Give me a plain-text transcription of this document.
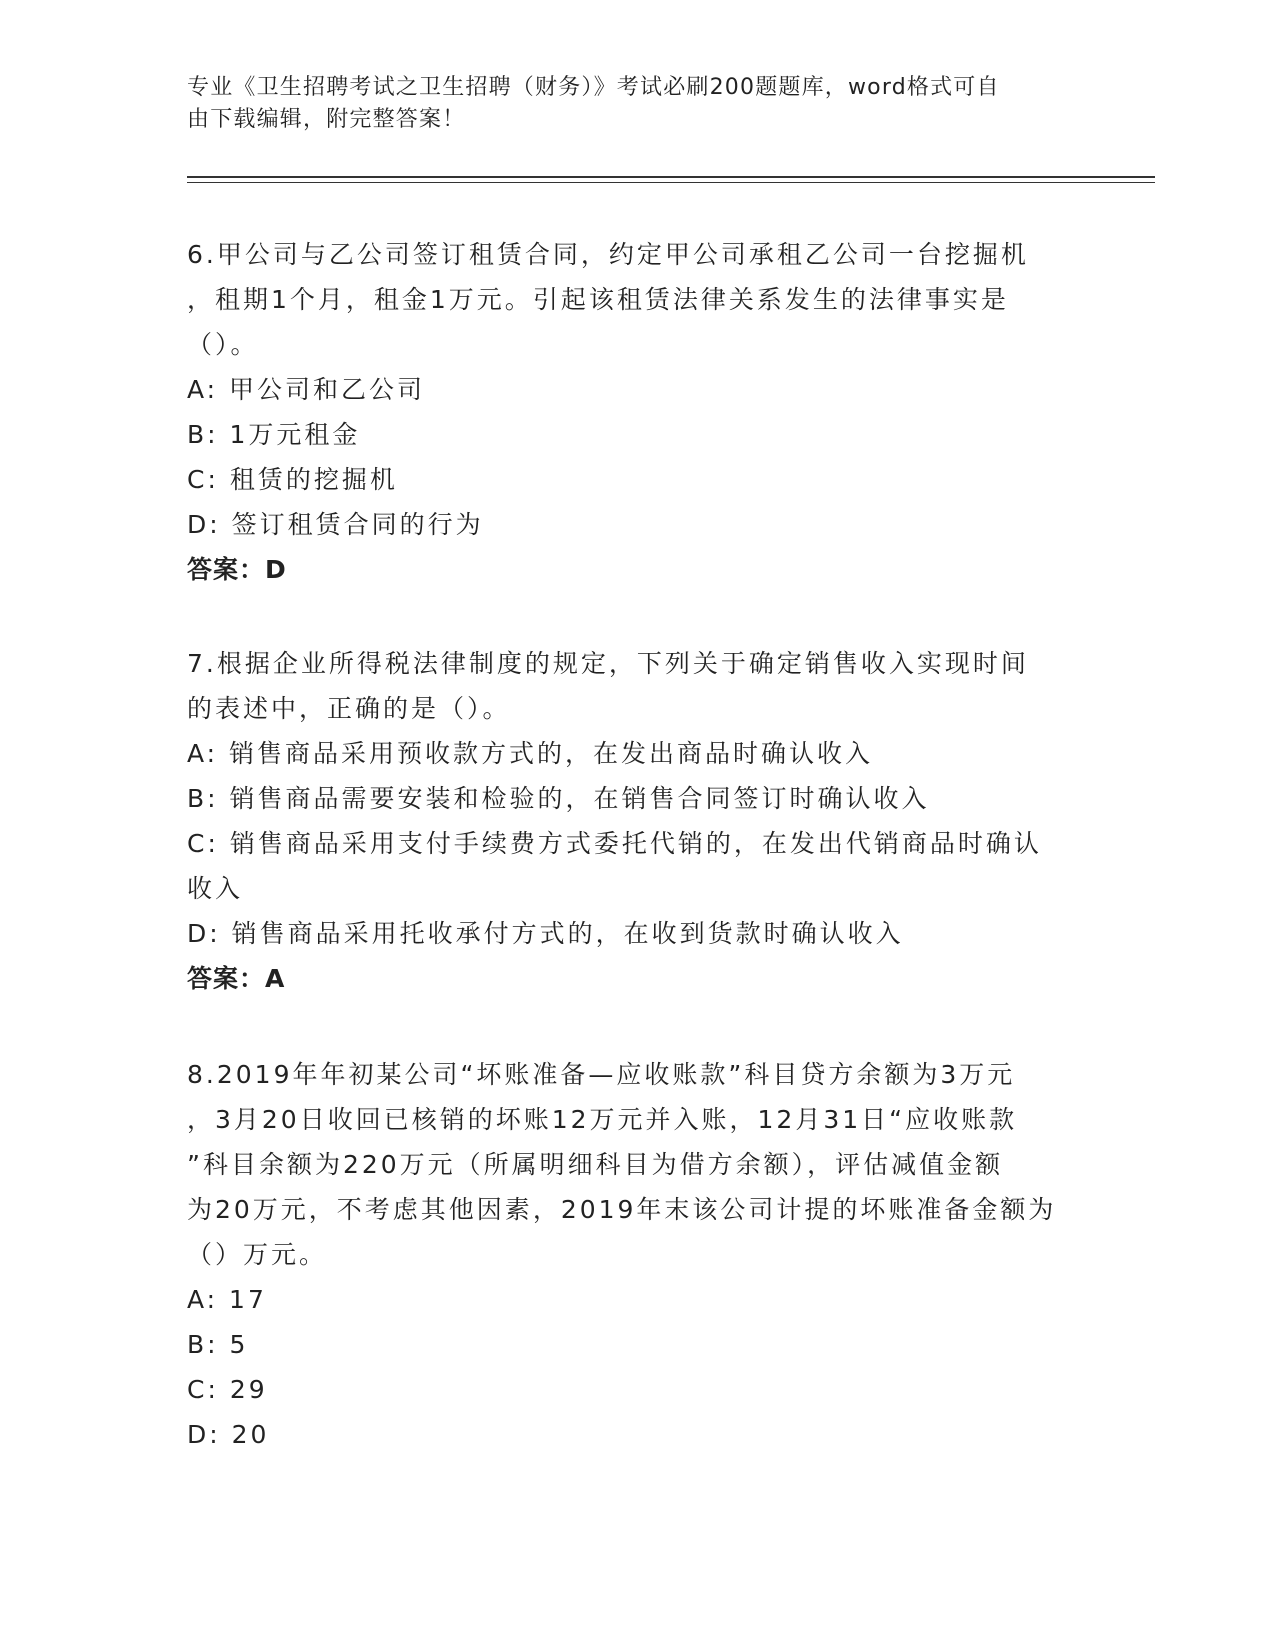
专业《卫生招聘考试之卫生招聘（财务）》考试必刷200题题库，word格式可自
由下载编辑，附完整答案！

6.甲公司与乙公司签订租赁合同，约定甲公司承租乙公司一台挖掘机

，租期1个月，租金1万元。引起该租赁法律关系发生的法律事实是

（）。

A: 甲公司和乙公司

B: 1万元租金

C: 租赁的挖掘机

D: 签订租赁合同的行为

答案：D

7.根据企业所得税法律制度的规定，下列关于确定销售收入实现时间

的表述中，正确的是（）。

A: 销售商品采用预收款方式的，在发出商品时确认收入

B: 销售商品需要安装和检验的，在销售合同签订时确认收入

C: 销售商品采用支付手续费方式委托代销的，在发出代销商品时确认

收入

D: 销售商品采用托收承付方式的，在收到货款时确认收入

答案：A

8.2019年年初某公司“坏账准备—应收账款”科目贷方余额为3万元

，3月20日收回已核销的坏账12万元并入账，12月31日“应收账款

”科目余额为220万元（所属明细科目为借方余额），评估减值金额

为20万元，不考虑其他因素，2019年末该公司计提的坏账准备金额为

（）万元。

A: 17

B: 5

C: 29

D: 20
